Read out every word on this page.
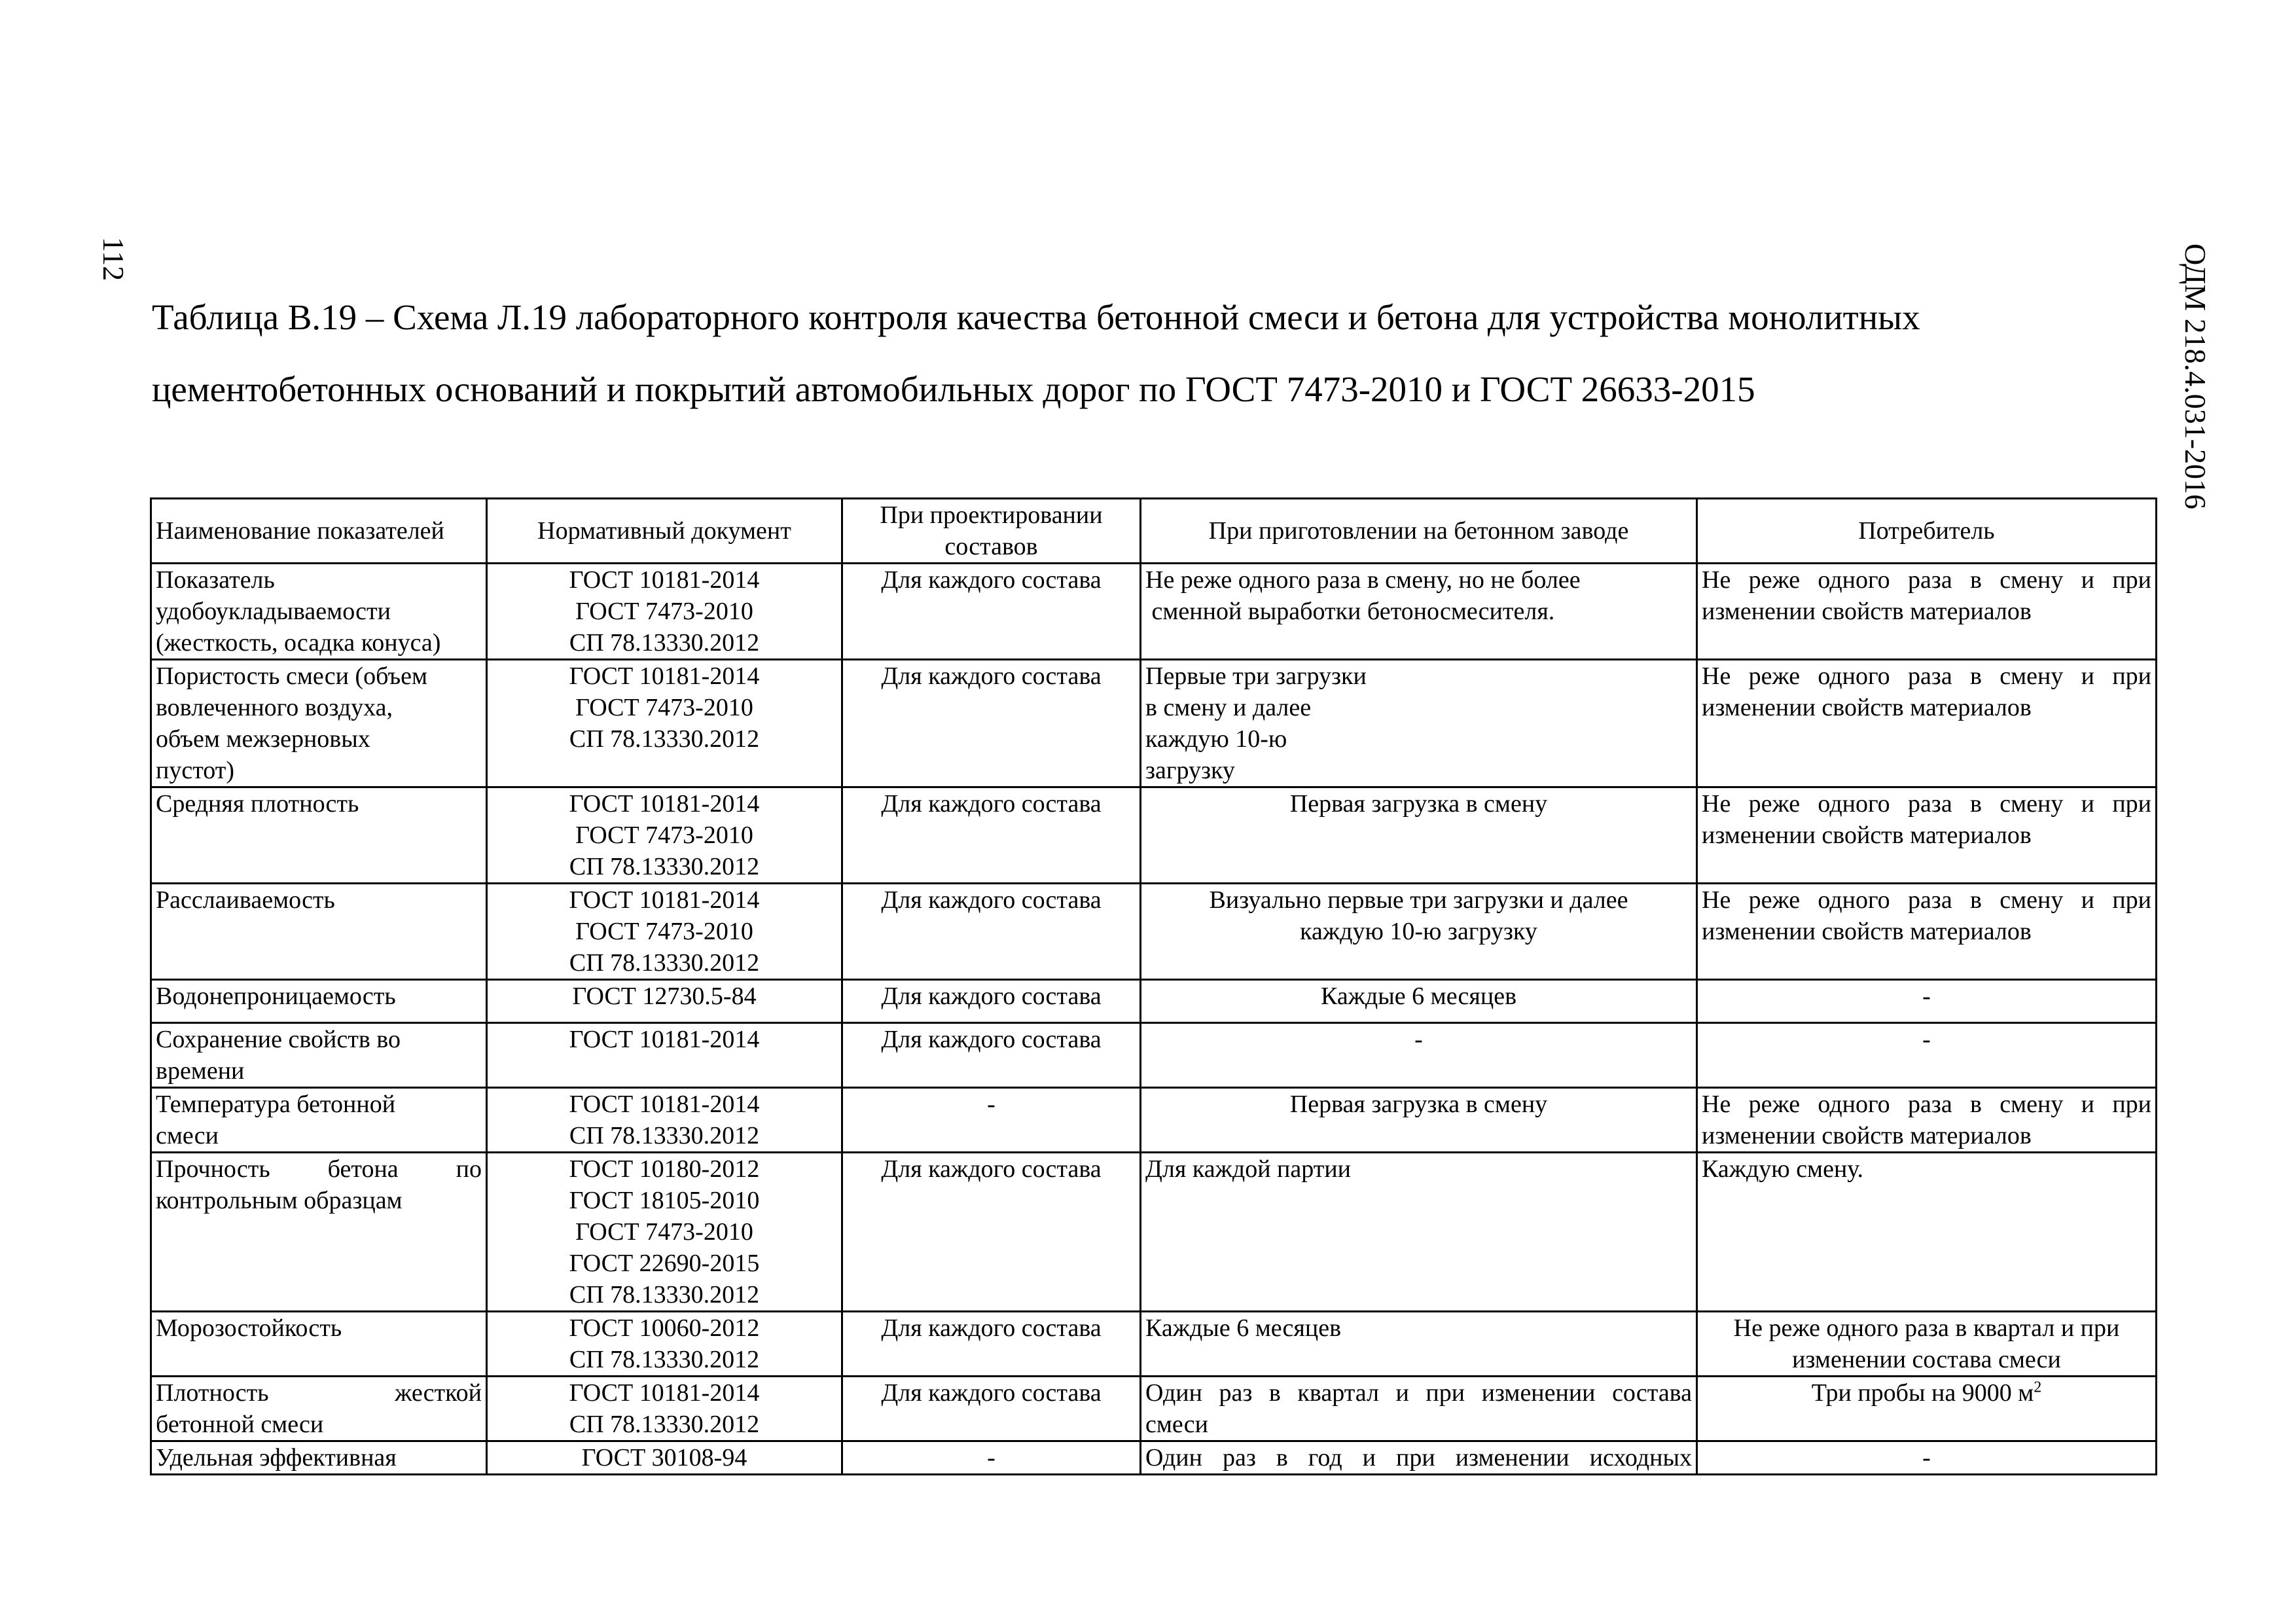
112	ОДМ 218.4.031-2016
Таблица В.19 – Схема Л.19 лабораторного контроля качества бетонной смеси и бетона для устройства монолитных
цементобетонных оснований и покрытий автомобильных дорог по ГОСТ 7473-2010 и ГОСТ 26633-2015
Наименование показателей	Нормативный документ	При проектировании составов	При приготовлении на бетонном заводе	Потребитель

Показатель
удобоукладываемости
(жесткость, осадка конуса)	ГОСТ 10181-2014
ГОСТ 7473-2010
СП 78.13330.2012	Для каждого состава	Не реже одного раза в смену, но не более
сменной выработки бетоносмесителя.	Не реже одного раза в смену и при изменении свойств материалов

Пористость смеси (объем
вовлеченного воздуха,
объем межзерновых
пустот)	ГОСТ 10181-2014
ГОСТ 7473-2010
СП 78.13330.2012	Для каждого состава	Первые три загрузки
в смену и далее
каждую 10-ю
загрузку	Не реже одного раза в смену и при изменении свойств материалов

Средняя плотность	ГОСТ 10181-2014
ГОСТ 7473-2010
СП 78.13330.2012	Для каждого состава	Первая загрузка в смену	Не реже одного раза в смену и при изменении свойств материалов

Расслаиваемость	ГОСТ 10181-2014
ГОСТ 7473-2010
СП 78.13330.2012	Для каждого состава	Визуально первые три загрузки и далее
каждую 10-ю загрузку	Не реже одного раза в смену и при изменении свойств материалов

Водонепроницаемость	ГОСТ 12730.5-84	Для каждого состава	Каждые 6 месяцев	-

Сохранение свойств во
времени	ГОСТ 10181-2014	Для каждого состава	-	-

Температура бетонной
смеси	ГОСТ 10181-2014
СП 78.13330.2012	-	Первая загрузка в смену	Не реже одного раза в смену и при изменении свойств материалов

Прочность бетона по
контрольным образцам	ГОСТ 10180-2012
ГОСТ 18105-2010
ГОСТ 7473-2010
ГОСТ 22690-2015
СП 78.13330.2012	Для каждого состава	Для каждой партии	Каждую смену.

Морозостойкость	ГОСТ 10060-2012
СП 78.13330.2012	Для каждого состава	Каждые 6 месяцев	Не реже одного раза в квартал и при изменении состава смеси

Плотность жесткой
бетонной смеси	ГОСТ 10181-2014
СП 78.13330.2012	Для каждого состава	Один раз в квартал и при изменении состава
смеси	Три пробы на 9000 $м^2$

Удельная эффективная	ГОСТ 30108-94	-	Один раз в год и при изменении исходных	-
